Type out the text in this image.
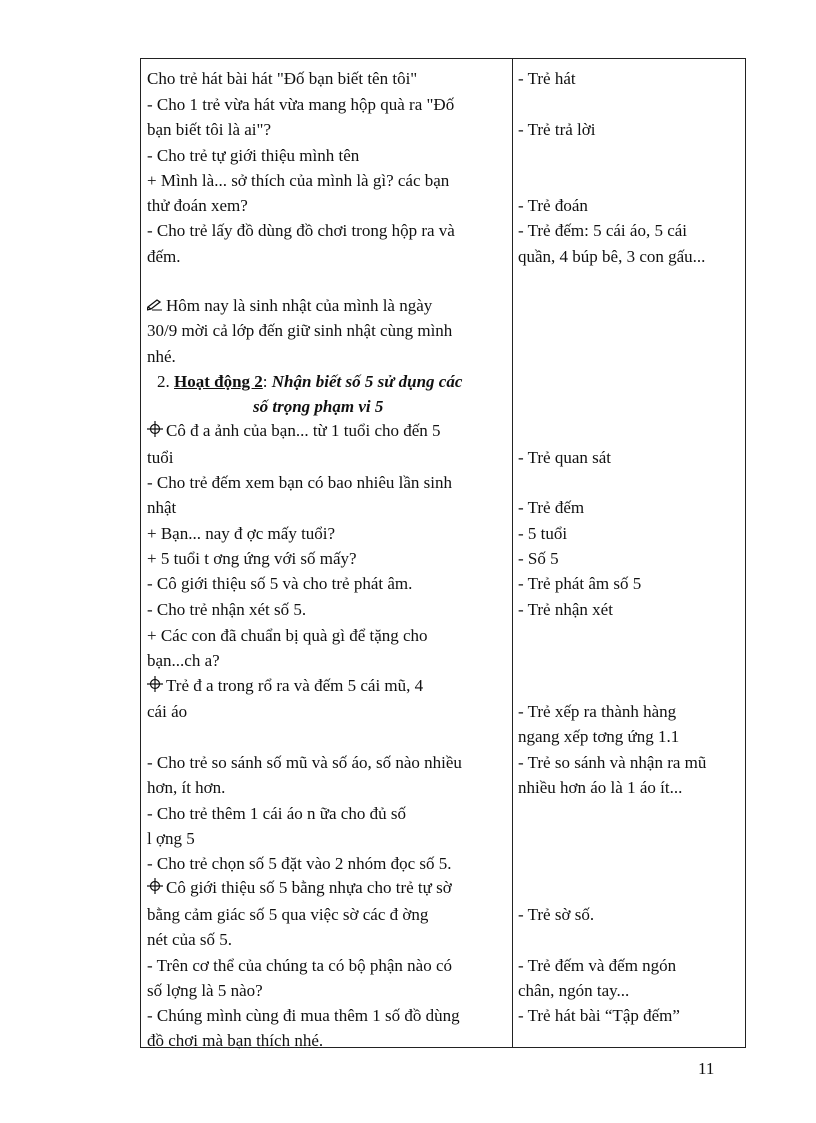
Cho trẻ hát bài hát "Đố bạn biết tên tôi"
- Cho 1 trẻ vừa hát vừa mang hộp quà ra "Đố
bạn biết tôi là ai"?
- Cho trẻ tự giới thiệu mình tên
+ Mình là... sở thích của mình là gì? các bạn
thử đoán xem?
- Cho trẻ lấy đồ dùng đồ chơi trong hộp ra và
đếm.
Hôm nay là sinh nhật của mình là ngày
30/9 mời cả lớp đến giữ sinh nhật cùng mình
nhé.
2. Hoạt động 2: Nhận biết số 5 sử dụng các
số trọng phạm vi 5
Cô đ a ảnh của bạn... từ 1 tuổi cho đến 5
tuổi
- Cho trẻ đếm xem bạn có bao nhiêu lần sinh
nhật
+ Bạn... nay đ ợc mấy tuổi?
+ 5 tuổi t ơng ứng với số mấy?
- Cô giới thiệu số 5 và cho trẻ phát âm.
- Cho trẻ nhận xét số 5.
+ Các con đã chuẩn bị quà gì để tặng cho
bạn...ch a?
Trẻ đ a trong rổ ra và đếm 5 cái mũ, 4
cái áo
- Cho trẻ so sánh số mũ và số áo, số nào nhiều
hơn, ít hơn.
- Cho trẻ thêm 1 cái áo n ữa cho đủ số
l ợng 5
- Cho trẻ chọn số 5 đặt vào 2 nhóm đọc số 5.
Cô giới thiệu số 5 bằng nhựa cho trẻ tự sờ
bằng cảm giác số 5 qua việc sờ các đ ờng
nét của số 5.
- Trên cơ thể của chúng ta có bộ phận nào có
số lợng là 5 nào?
- Chúng mình cùng đi mua thêm 1 số đồ dùng
đồ chơi mà bạn thích nhé.
- Trẻ hát
- Trẻ trả lời
- Trẻ đoán
- Trẻ đếm: 5 cái áo, 5 cái
quần, 4 búp bê, 3 con gấu...
- Trẻ quan sát
- Trẻ đếm
- 5 tuổi
- Số 5
- Trẻ phát âm số 5
- Trẻ nhận xét
- Trẻ xếp ra thành hàng
ngang xếp tơng ứng 1.1
- Trẻ so sánh và nhận ra mũ
nhiều hơn áo là 1 áo ít...
- Trẻ sờ số.
- Trẻ đếm và đếm ngón
chân, ngón tay...
- Trẻ hát bài “Tập đếm”
11
